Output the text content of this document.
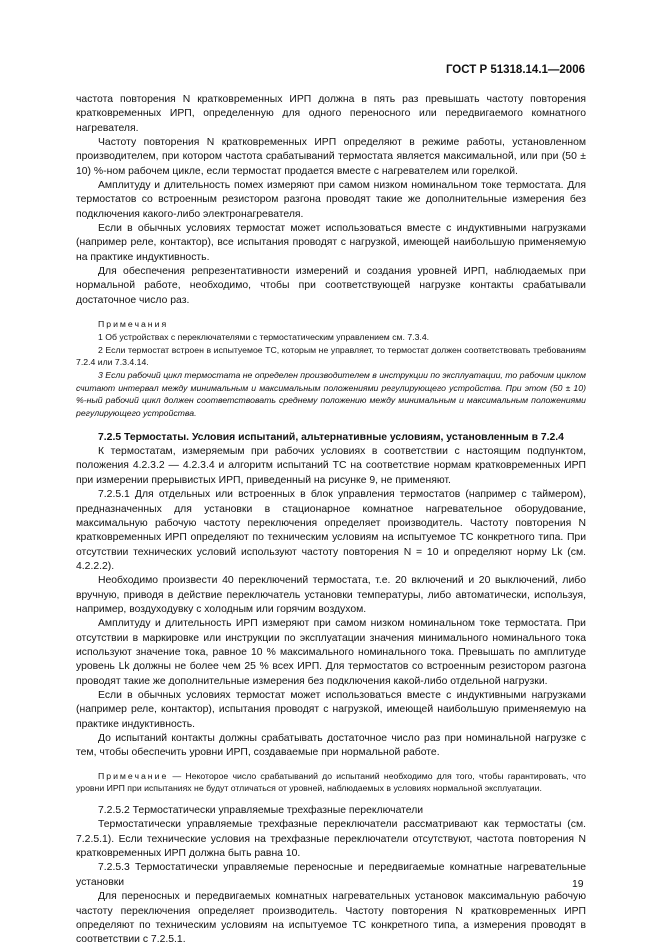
ГОСТ Р 51318.14.1—2006

частота повторения N кратковременных ИРП должна в пять раз превышать частоту повторения кратковременных ИРП, определенную для одного переносного или передвигаемого комнатного нагревателя.

Частоту повторения N кратковременных ИРП определяют в режиме работы, установленном производителем, при котором частота срабатываний термостата является максимальной, или при (50 ± 10) %-ном рабочем цикле, если термостат продается вместе с нагревателем или горелкой.

Амплитуду и длительность помех измеряют при самом низком номинальном токе термостата. Для термостатов со встроенным резистором разгона проводят такие же дополнительные измерения без подключения какого-либо электронагревателя.

Если в обычных условиях термостат может использоваться вместе с индуктивными нагрузками (например реле, контактор), все испытания проводят с нагрузкой, имеющей наибольшую применяемую на практике индуктивность.

Для обеспечения репрезентативности измерений и создания уровней ИРП, наблюдаемых при нормальной работе, необходимо, чтобы при соответствующей нагрузке контакты срабатывали достаточное число раз.

Примечания

1 Об устройствах с переключателями с термостатическим управлением см. 7.3.4.

2 Если термостат встроен в испытуемое ТС, которым не управляет, то термостат должен соответствовать требованиям 7.2.4 или 7.3.4.14.

3 Если рабочий цикл термостата не определен производителем в инструкции по эксплуатации, то рабочим циклом считают интервал между минимальным и максимальным положениями регулирующего устройства. При этом (50 ± 10) %-ный рабочий цикл должен соответствовать среднему положению между минимальным и максимальным положениями регулирующего устройства.

7.2.5 Термостаты. Условия испытаний, альтернативные условиям, установленным в 7.2.4

К термостатам, измеряемым при рабочих условиях в соответствии с настоящим подпунктом, положения 4.2.3.2 — 4.2.3.4 и алгоритм испытаний ТС на соответствие нормам кратковременных ИРП при измерении прерывистых ИРП, приведенный на рисунке 9, не применяют.

7.2.5.1 Для отдельных или встроенных в блок управления термостатов (например с таймером), предназначенных для установки в стационарное комнатное нагревательное оборудование, максимальную рабочую частоту переключения определяет производитель. Частоту повторения N кратковременных ИРП определяют по техническим условиям на испытуемое ТС конкретного типа. При отсутствии технических условий используют частоту повторения N = 10 и определяют норму Lk (см. 4.2.2.2).

Необходимо произвести 40 переключений термостата, т.е. 20 включений и 20 выключений, либо вручную, приводя в действие переключатель установки температуры, либо автоматически, используя, например, воздуходувку с холодным или горячим воздухом.

Амплитуду и длительность ИРП измеряют при самом низком номинальном токе термостата. При отсутствии в маркировке или инструкции по эксплуатации значения минимального номинального тока используют значение тока, равное 10 % максимального номинального тока. Превышать по амплитуде уровень Lk должны не более чем 25 % всех ИРП. Для термостатов со встроенным резистором разгона проводят такие же дополнительные измерения без подключения какой-либо отдельной нагрузки.

Если в обычных условиях термостат может использоваться вместе с индуктивными нагрузками (например реле, контактор), испытания проводят с нагрузкой, имеющей наибольшую применяемую на практике индуктивность.

До испытаний контакты должны срабатывать достаточное число раз при номинальной нагрузке с тем, чтобы обеспечить уровни ИРП, создаваемые при нормальной работе.

Примечание — Некоторое число срабатываний до испытаний необходимо для того, чтобы гарантировать, что уровни ИРП при испытаниях не будут отличаться от уровней, наблюдаемых в условиях нормальной эксплуатации.

7.2.5.2 Термостатически управляемые трехфазные переключатели

Термостатически управляемые трехфазные переключатели рассматривают как термостаты (см. 7.2.5.1). Если технические условия на трехфазные переключатели отсутствуют, частота повторения N кратковременных ИРП должна быть равна 10.

7.2.5.3 Термостатически управляемые переносные и передвигаемые комнатные нагревательные установки

Для переносных и передвигаемых комнатных нагревательных установок максимальную рабочую частоту переключения определяет производитель. Частоту повторения N кратковременных ИРП определяют по техническим условиям на испытуемое ТС конкретного типа, а измерения проводят в соответствии с 7.2.5.1.

19
